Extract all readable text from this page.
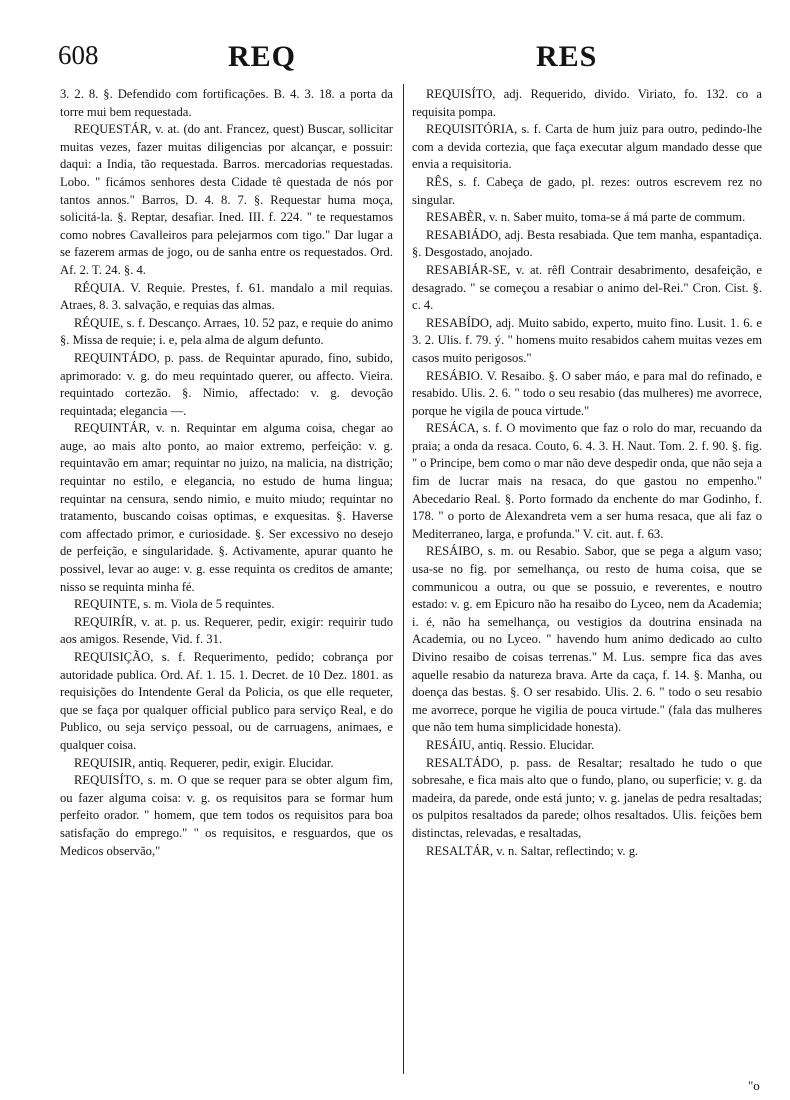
608	REQ	RES

3. 2. 8. §. Defendido com fortificações. B. 4. 3. 18. a porta da torre mui bem requestada.

REQUESTÁR, v. at. (do ant. Francez, quest) Buscar, sollicitar muitas vezes, fazer muitas diligencias por alcançar, e possuir: daqui: a India, tão requestada. Barros. mercadorias requestadas. Lobo. " ficámos senhores desta Cidade tê questada de nós por tantos annos." Barros, D. 4. 8. 7. §. Requestar huma moça, solicitá-la. §. Reptar, desafiar. Ined. III. f. 224. " te requestamos como nobres Cavalleiros para pelejarmos com tigo." Dar lugar a se fazerem armas de jogo, ou de sanha entre os requestados. Ord. Af. 2. T. 24. §. 4.

RÉQUIA. V. Requie. Prestes, f. 61. mandalo a mil requias. Atraes, 8. 3. salvação, e requias das almas.

RÉQUIE, s. f. Descanço. Arraes, 10. 52 paz, e requie do animo §. Missa de requie; i. e, pela alma de algum defunto.

REQUINTÁDO, p. pass. de Requintar apurado, fino, subido, aprimorado: v. g. do meu requintado querer, ou affecto. Vieira. requintado cortezão. §. Nimio, affectado: v. g. devoção requintada; elegancia —.

REQUINTÁR, v. n. Requintar em alguma coisa, chegar ao auge, ao mais alto ponto, ao maior extremo, perfeição: v. g. requintavão em amar; requintar no juizo, na malicia, na distrição; requintar no estilo, e elegancia, no estudo de huma lingua; requintar na censura, sendo nimio, e muito miudo; requintar no tratamento, buscando coisas optimas, e exquesitas. §. Haverse com affectado primor, e curiosidade. §. Ser excessivo no desejo de perfeição, e singularidade. §. Activamente, apurar quanto he possivel, levar ao auge: v. g. esse requinta os creditos de amante; nisso se requinta minha fé.

REQUINTE, s. m. Viola de 5 requintes.

REQUIRÍR, v. at. p. us. Requerer, pedir, exigir: requirir tudo aos amigos. Resende, Vid. f. 31.

REQUISIÇÃO, s. f. Requerimento, pedido; cobrança por autoridade publica. Ord. Af. 1. 15. 1. Decret. de 10 Dez. 1801. as requisições do Intendente Geral da Policia, os que elle requeter, que se faça por qualquer official publico para serviço Real, e do Publico, ou seja serviço pessoal, ou de carruagens, animaes, e qualquer coisa.

REQUISIR, antiq. Requerer, pedir, exigir. Elucidar.

REQUISÍTO, s. m. O que se requer para se obter algum fim, ou fazer alguma coisa: v. g. os requisitos para se formar hum perfeito orador. " homem, que tem todos os requisitos para boa satisfação do emprego." " os requisitos, e resguardos, que os Medicos observão,"

REQUISÍTO, adj. Requerido, divido. Viriato, fo. 132. co a requisita pompa.

REQUISITÓRIA, s. f. Carta de hum juiz para outro, pedindo-lhe com a devida cortezia, que faça executar algum mandado desse que envia a requisitoria.

RÊS, s. f. Cabeça de gado, pl. rezes: outros escrevem rez no singular.

RESABÈR, v. n. Saber muito, toma-se á má parte de commum.

RESABIÁDO, adj. Besta resabiada. Que tem manha, espantadiça. §. Desgostado, anojado.

RESABIÁR-SE, v. at. rêfl Contrair desabrimento, desafeição, e desagrado. " se começou a resabiar o animo del-Rei." Cron. Cist. §. c. 4.

RESABÍDO, adj. Muito sabido, experto, muito fino. Lusit. 1. 6. e 3. 2. Ulis. f. 79. ý. " homens muito resabidos cahem muitas vezes em casos muito perigosos."

RESÁBIO. V. Resaibo. §. O saber máo, e para mal do refinado, e resabido. Ulis. 2. 6. " todo o seu resabio (das mulheres) me avorrece, porque he vigila de pouca virtude."

RESÁCA, s. f. O movimento que faz o rolo do mar, recuando da praia; a onda da resaca. Couto, 6. 4. 3. H. Naut. Tom. 2. f. 90. §. fig. " o Principe, bem como o mar não deve despedir onda, que não seja a fim de lucrar mais na resaca, do que gastou no empenho." Abecedario Real. §. Porto formado da enchente do mar Godinho, f. 178. " o porto de Alexandreta vem a ser huma resaca, que ali faz o Mediterraneo, larga, e profunda." V. cit. aut. f. 63.

RESÁIBO, s. m. ou Resabio. Sabor, que se pega a algum vaso; usa-se no fig. por semelhança, ou resto de huma coisa, que se communicou a outra, ou que se possuio, e reverentes, e noutro estado: v. g. em Epicuro não ha resaibo do Lyceo, nem da Academia; i. é, não ha semelhança, ou vestigios da doutrina ensinada na Academia, ou no Lyceo. " havendo hum animo dedicado ao culto Divino resaibo de coisas terrenas." M. Lus. sempre fica das aves aquelle resabio da natureza brava. Arte da caça, f. 14. §. Manha, ou doença das bestas. §. O ser resabido. Ulis. 2. 6. " todo o seu resabio me avorrece, porque he vigilia de pouca virtude." (fala das mulheres que não tem huma simplicidade honesta).

RESÁIU, antiq. Ressio. Elucidar.

RESALTÁDO, p. pass. de Resaltar; resaltado he tudo o que sobresahe, e fica mais alto que o fundo, plano, ou superficie; v. g. da madeira, da parede, onde está junto; v. g. janelas de pedra resaltadas; os pulpitos resaltados da parede; olhos resaltados. Ulis. feições bem distinctas, relevadas, e resaltadas,

RESALTÁR, v. n. Saltar, reflectindo; v. g.

"o
